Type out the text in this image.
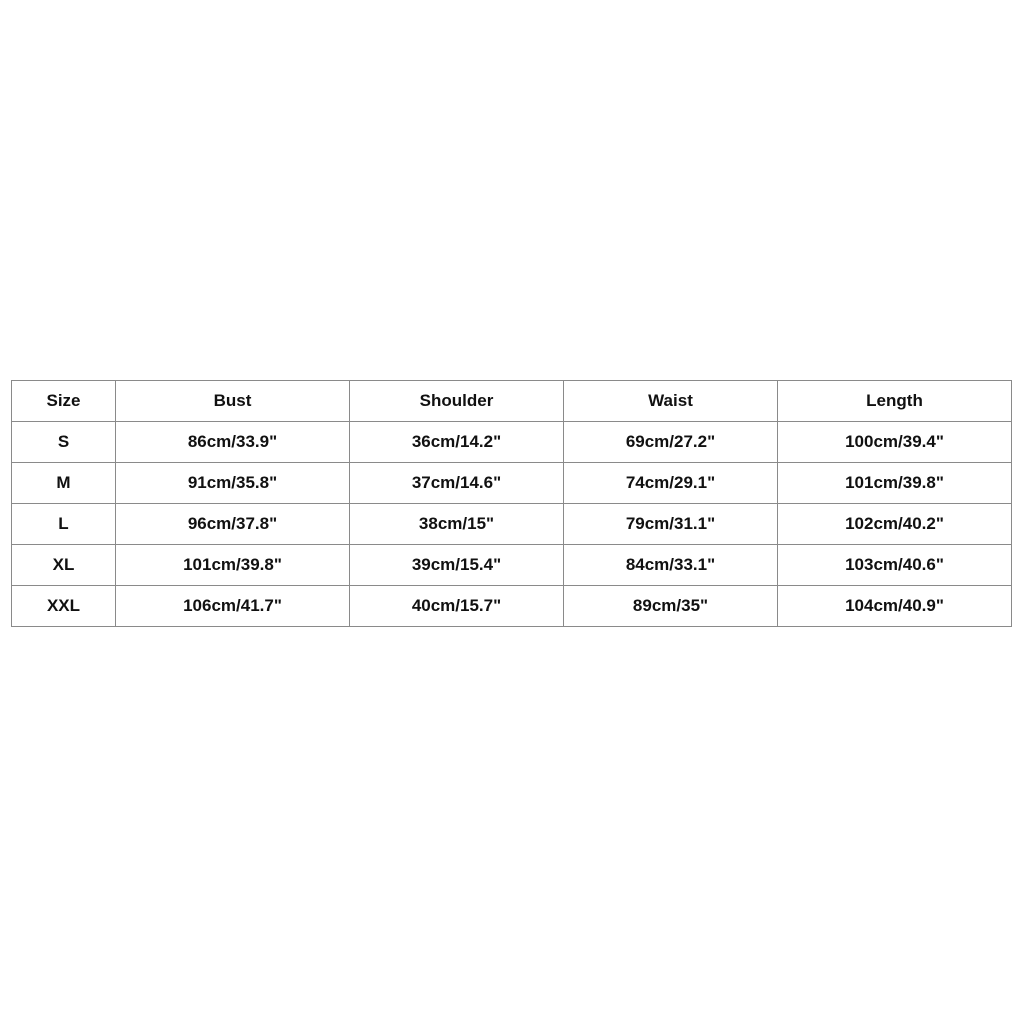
Size	Bust	Shoulder	Waist	Length
S	86cm/33.9"	36cm/14.2"	69cm/27.2"	100cm/39.4"
M	91cm/35.8"	37cm/14.6"	74cm/29.1"	101cm/39.8"
L	96cm/37.8"	38cm/15"	79cm/31.1"	102cm/40.2"
XL	101cm/39.8"	39cm/15.4"	84cm/33.1"	103cm/40.6"
XXL	106cm/41.7"	40cm/15.7"	89cm/35"	104cm/40.9"
